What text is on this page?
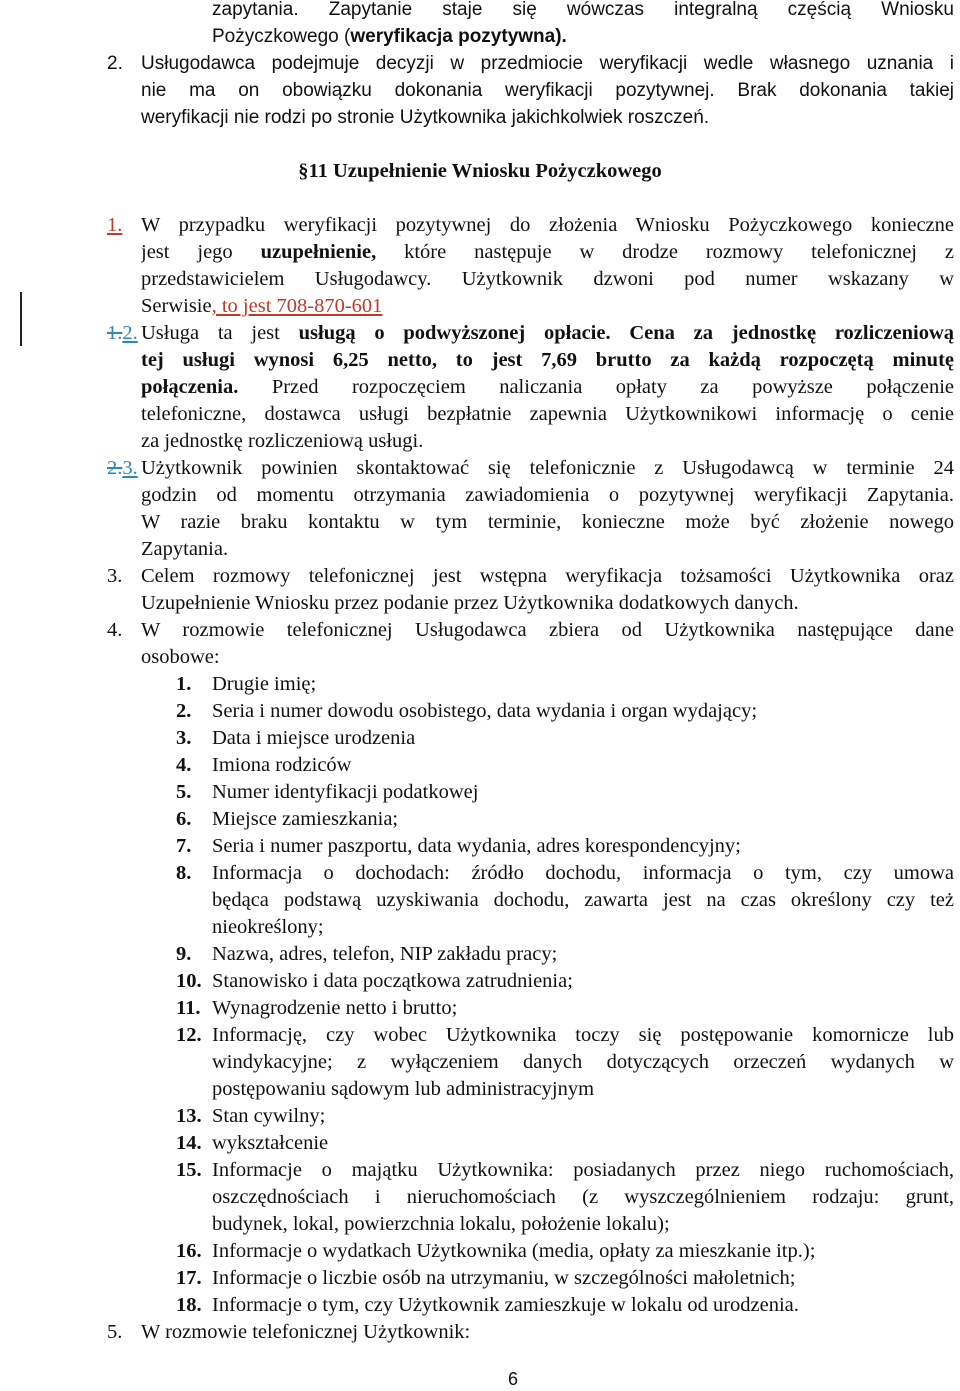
zapytania. Zapytanie staje się wówczas integralną częścią Wniosku
Pożyczkowego (weryfikacja pozytywna).
2. Usługodawca podejmuje decyzji w przedmiocie weryfikacji wedle własnego uznania i
nie ma on obowiązku dokonania weryfikacji pozytywnej. Brak dokonania takiej
weryfikacji nie rodzi po stronie Użytkownika jakichkolwiek roszczeń.
§11 Uzupełnienie Wniosku Pożyczkowego
1. W przypadku weryfikacji pozytywnej do złożenia Wniosku Pożyczkowego konieczne
jest jego uzupełnienie, które następuje w drodze rozmowy telefonicznej z
przedstawicielem Usługodawcy. Użytkownik dzwoni pod numer wskazany w
Serwisie, to jest 708-870-601
1.2. Usługa ta jest usługą o podwyższonej opłacie. Cena za jednostkę rozliczeniową
tej usługi wynosi 6,25 netto, to jest 7,69 brutto za każdą rozpoczętą minutę
połączenia. Przed rozpoczęciem naliczania opłaty za powyższe połączenie
telefoniczne, dostawca usługi bezpłatnie zapewnia Użytkownikowi informację o cenie
za jednostkę rozliczeniową usługi.
2.3. Użytkownik powinien skontaktować się telefonicznie z Usługodawcą w terminie 24
godzin od momentu otrzymania zawiadomienia o pozytywnej weryfikacji Zapytania.
W razie braku kontaktu w tym terminie, konieczne może być złożenie nowego
Zapytania.
3. Celem rozmowy telefonicznej jest wstępna weryfikacja tożsamości Użytkownika oraz
Uzupełnienie Wniosku przez podanie przez Użytkownika dodatkowych danych.
4. W rozmowie telefonicznej Usługodawca zbiera od Użytkownika następujące dane
osobowe:
1. Drugie imię;
2. Seria i numer dowodu osobistego, data wydania i organ wydający;
3. Data i miejsce urodzenia
4. Imiona rodziców
5. Numer identyfikacji podatkowej
6. Miejsce zamieszkania;
7. Seria i numer paszportu, data wydania, adres korespondencyjny;
8. Informacja o dochodach: źródło dochodu, informacja o tym, czy umowa
będąca podstawą uzyskiwania dochodu, zawarta jest na czas określony czy też
nieokreślony;
9. Nazwa, adres, telefon, NIP zakładu pracy;
10. Stanowisko i data początkowa zatrudnienia;
11. Wynagrodzenie netto i brutto;
12. Informację, czy wobec Użytkownika toczy się postępowanie komornicze lub
windykacyjne; z wyłączeniem danych dotyczących orzeczeń wydanych w
postępowaniu sądowym lub administracyjnym
13. Stan cywilny;
14. wykształcenie
15. Informacje o majątku Użytkownika: posiadanych przez niego ruchomościach,
oszczędnościach i nieruchomościach (z wyszczególnieniem rodzaju: grunt,
budynek, lokal, powierzchnia lokalu, położenie lokalu);
16. Informacje o wydatkach Użytkownika (media, opłaty za mieszkanie itp.);
17. Informacje o liczbie osób na utrzymaniu, w szczególności małoletnich;
18. Informacje o tym, czy Użytkownik zamieszkuje w lokalu od urodzenia.
5. W rozmowie telefonicznej Użytkownik:
6
